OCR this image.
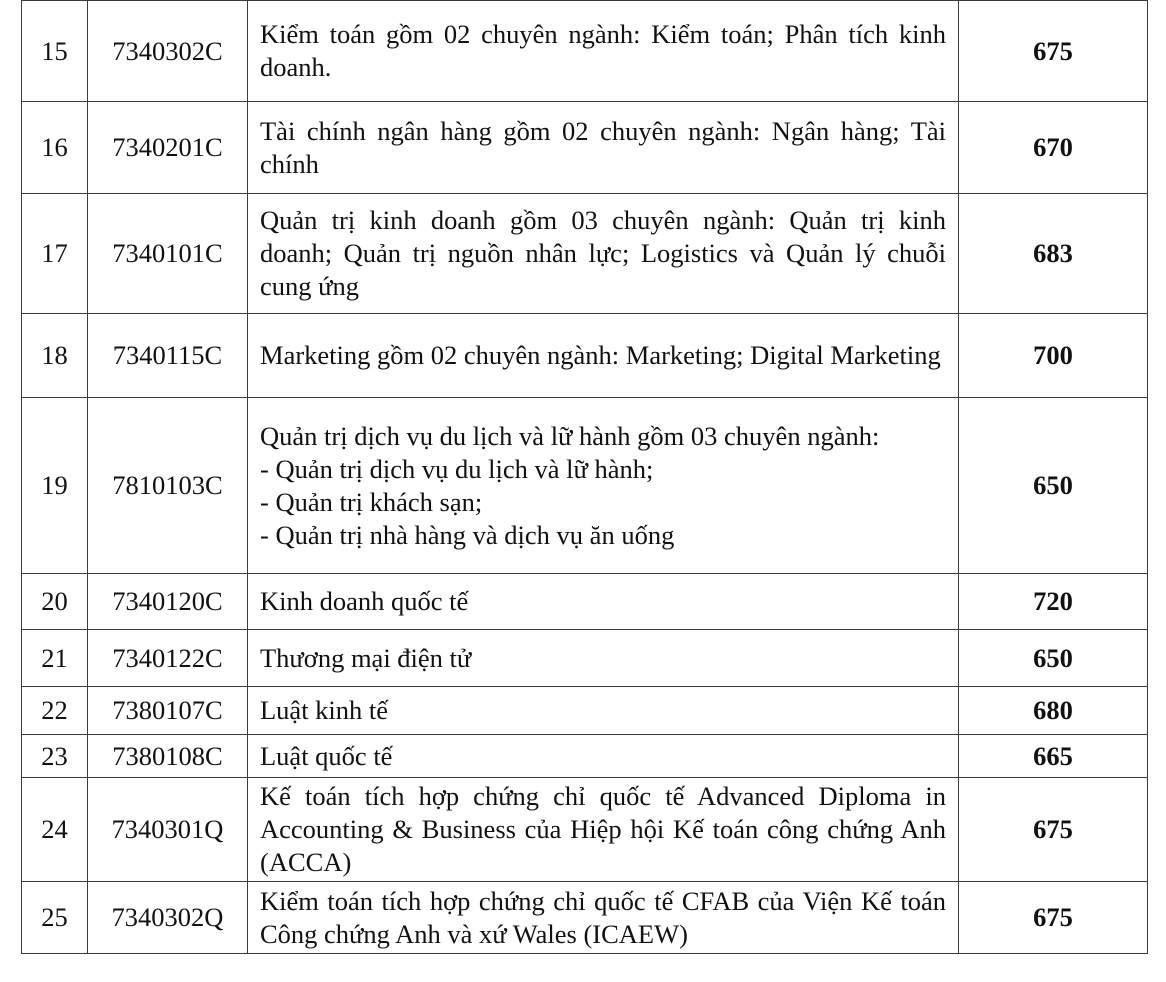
15	7340302C	Kiểm toán gồm 02 chuyên ngành: Kiểm toán; Phân tích kinh doanh.	675
16	7340201C	Tài chính ngân hàng gồm 02 chuyên ngành: Ngân hàng; Tài chính	670
17	7340101C	Quản trị kinh doanh gồm 03 chuyên ngành: Quản trị kinh doanh; Quản trị nguồn nhân lực; Logistics và Quản lý chuỗi cung ứng	683
18	7340115C	Marketing gồm 02 chuyên ngành: Marketing; Digital Marketing	700
19	7810103C	Quản trị dịch vụ du lịch và lữ hành gồm 03 chuyên ngành:
- Quản trị dịch vụ du lịch và lữ hành;
- Quản trị khách sạn;
- Quản trị nhà hàng và dịch vụ ăn uống	650
20	7340120C	Kinh doanh quốc tế	720
21	7340122C	Thương mại điện tử	650
22	7380107C	Luật kinh tế	680
23	7380108C	Luật quốc tế	665
24	7340301Q	Kế toán tích hợp chứng chỉ quốc tế Advanced Diploma in Accounting & Business của Hiệp hội Kế toán công chứng Anh (ACCA)	675
25	7340302Q	Kiểm toán tích hợp chứng chỉ quốc tế CFAB của Viện Kế toán Công chứng Anh và xứ Wales (ICAEW)	675
